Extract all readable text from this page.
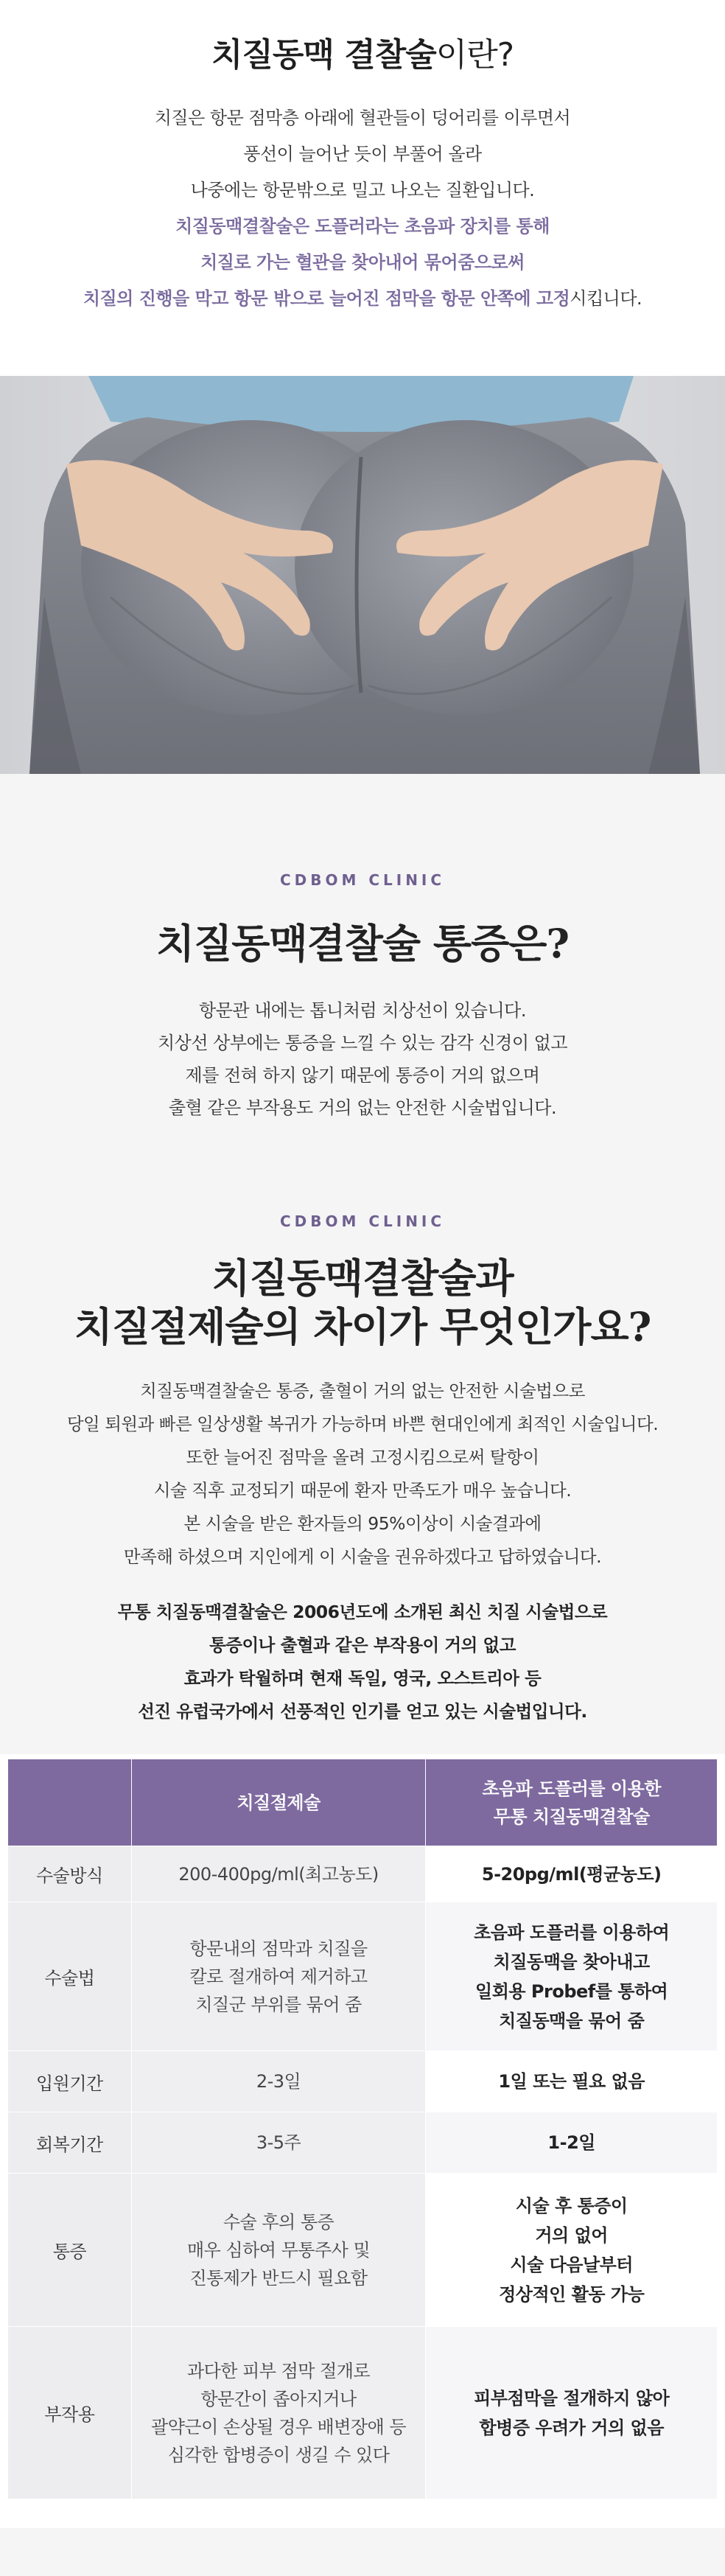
치질동맥 결찰술이란?

치질은 항문 점막층 아래에 혈관들이 덩어리를 이루면서

풍선이 늘어난 듯이 부풀어 올라

나중에는 항문밖으로 밀고 나오는 질환입니다.

치질동맥결찰술은 도플러라는 초음파 장치를 통해

치질로 가는 혈관을 찾아내어 묶어줌으로써

치질의 진행을 막고 항문 밖으로 늘어진 점막을 항문 안쪽에 고정시킵니다.

CDBOM CLINIC
치질동맥결찰술 통증은?

항문관 내에는 톱니처럼 치상선이 있습니다.

치상선 상부에는 통증을 느낄 수 있는 감각 신경이 없고

제를 전혀 하지 않기 때문에 통증이 거의 없으며

출혈 같은 부작용도 거의 없는 안전한 시술법입니다.

CDBOM CLINIC
치질동맥결찰술과
치질절제술의 차이가 무엇인가요?

치질동맥결찰술은 통증, 출혈이 거의 없는 안전한 시술법으로

당일 퇴원과 빠른 일상생활 복귀가 가능하며 바쁜 현대인에게 최적인 시술입니다.

또한 늘어진 점막을 올려 고정시킴으로써 탈항이

시술 직후 교정되기 때문에 환자 만족도가 매우 높습니다.

본 시술을 받은 환자들의 95%이상이 시술결과에

만족해 하셨으며 지인에게 이 시술을 권유하겠다고 답하였습니다.

무통 치질동맥결찰술은 2006년도에 소개된 최신 치질 시술법으로

통증이나 출혈과 같은 부작용이 거의 없고

효과가 탁월하며 현재 독일, 영국, 오스트리아 등

선진 유럽국가에서 선풍적인 인기를 얻고 있는 시술법입니다.

	치질절제술	초음파 도플러를 이용한
무통 치질동맥결찰술
수술방식	200-400pg/ml(최고농도)	5-20pg/ml(평균농도)
수술법	항문내의 점막과 치질을
칼로 절개하여 제거하고
치질군 부위를 묶어 줌	초음파 도플러를 이용하여
치질동맥을 찾아내고
일회용 Probef를 통하여
치질동맥을 묶어 줌
입원기간	2-3일	1일 또는 필요 없음
회복기간	3-5주	1-2일
통증	수술 후의 통증
매우 심하여 무통주사 및
진통제가 반드시 필요함	시술 후 통증이
거의 없어
시술 다음날부터
정상적인 활동 가능
부작용	과다한 피부 점막 절개로
항문간이 좁아지거나
괄약근이 손상될 경우 배변장애 등
심각한 합병증이 생길 수 있다	피부점막을 절개하지 않아
합병증 우려가 거의 없음
